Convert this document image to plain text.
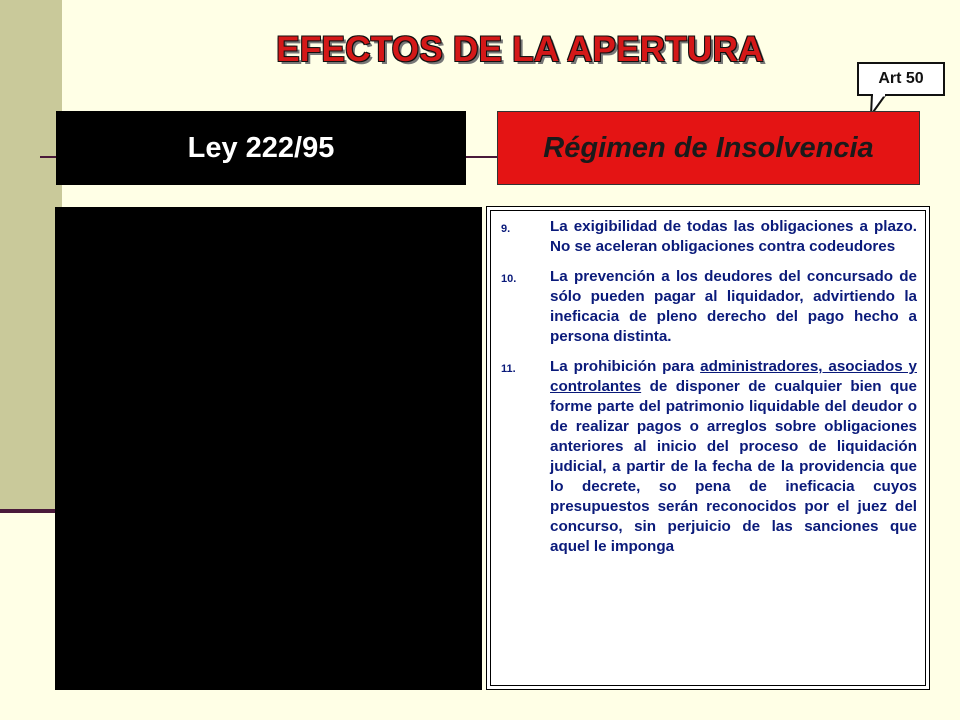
EFECTOS DE LA APERTURA
Art 50
Ley 222/95	Régimen de Insolvencia
9.	La exigibilidad de todas las obligaciones a plazo. No se aceleran obligaciones contra codeudores
10.	La prevención a los deudores del concursado de sólo pueden pagar al liquidador, advirtiendo la ineficacia de pleno derecho del pago hecho a persona distinta.
11.	La prohibición para administradores, asociados y controlantes de disponer de cualquier bien que forme parte del patrimonio liquidable del deudor o de realizar pagos o arreglos sobre obligaciones anteriores al inicio del proceso de liquidación judicial, a partir de la fecha de la providencia que lo decrete, so pena de ineficacia cuyos presupuestos serán reconocidos por el juez del concurso, sin perjuicio de las sanciones que aquel le imponga
